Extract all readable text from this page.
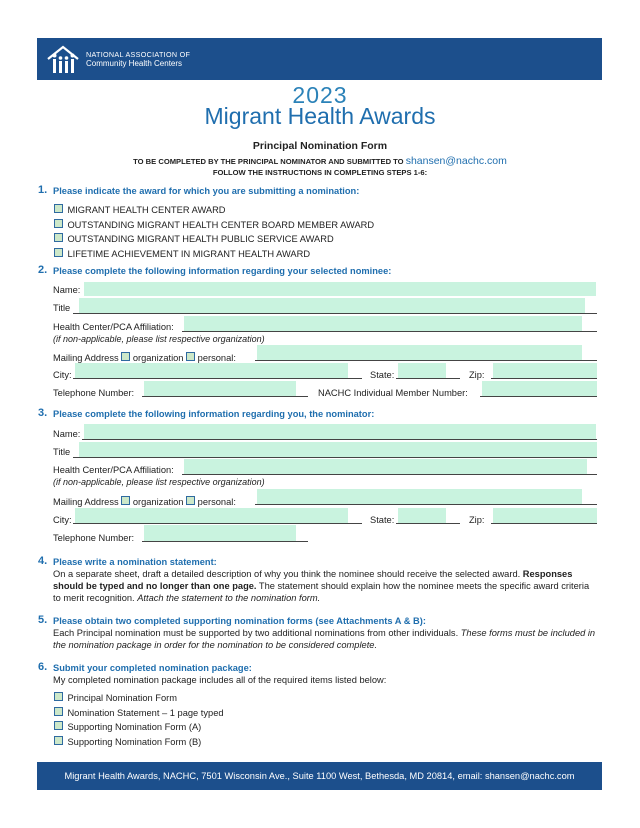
NATIONAL ASSOCIATION OF
Community Health Centers
2023
Migrant Health Awards
Principal Nomination Form
TO BE COMPLETED BY THE PRINCIPAL NOMINATOR AND SUBMITTED TO shansen@nachc.com
FOLLOW THE INSTRUCTIONS IN COMPLETING STEPS 1-6:
1. Please indicate the award for which you are submitting a nomination:
MIGRANT HEALTH CENTER AWARD
OUTSTANDING MIGRANT HEALTH CENTER BOARD MEMBER AWARD
OUTSTANDING MIGRANT HEALTH PUBLIC SERVICE AWARD
LIFETIME ACHIEVEMENT IN MIGRANT HEALTH AWARD
2. Please complete the following information regarding your selected nominee:
Name:
Title
Health Center/PCA Affiliation:
(if non-applicable, please list respective organization)
Mailing Address organization personal:
City:	State:	Zip:
Telephone Number:	NACHC Individual Member Number:
3. Please complete the following information regarding you, the nominator:
Name:
Title
Health Center/PCA Affiliation:
(if non-applicable, please list respective organization)
Mailing Address organization personal:
City:	State:	Zip:
Telephone Number:
4. Please write a nomination statement:
On a separate sheet, draft a detailed description of why you think the nominee should receive the selected award. Responses should be typed and no longer than one page. The statement should explain how the nominee meets the specific award criteria to merit recognition. Attach the statement to the nomination form.
5. Please obtain two completed supporting nomination forms (see Attachments A & B):
Each Principal nomination must be supported by two additional nominations from other individuals. These forms must be included in the nomination package in order for the nomination to be considered complete.
6. Submit your completed nomination package:
My completed nomination package includes all of the required items listed below:
Principal Nomination Form
Nomination Statement – 1 page typed
Supporting Nomination Form (A)
Supporting Nomination Form (B)
Migrant Health Awards, NACHC, 7501 Wisconsin Ave., Suite 1100 West, Bethesda, MD 20814, email: shansen@nachc.com
